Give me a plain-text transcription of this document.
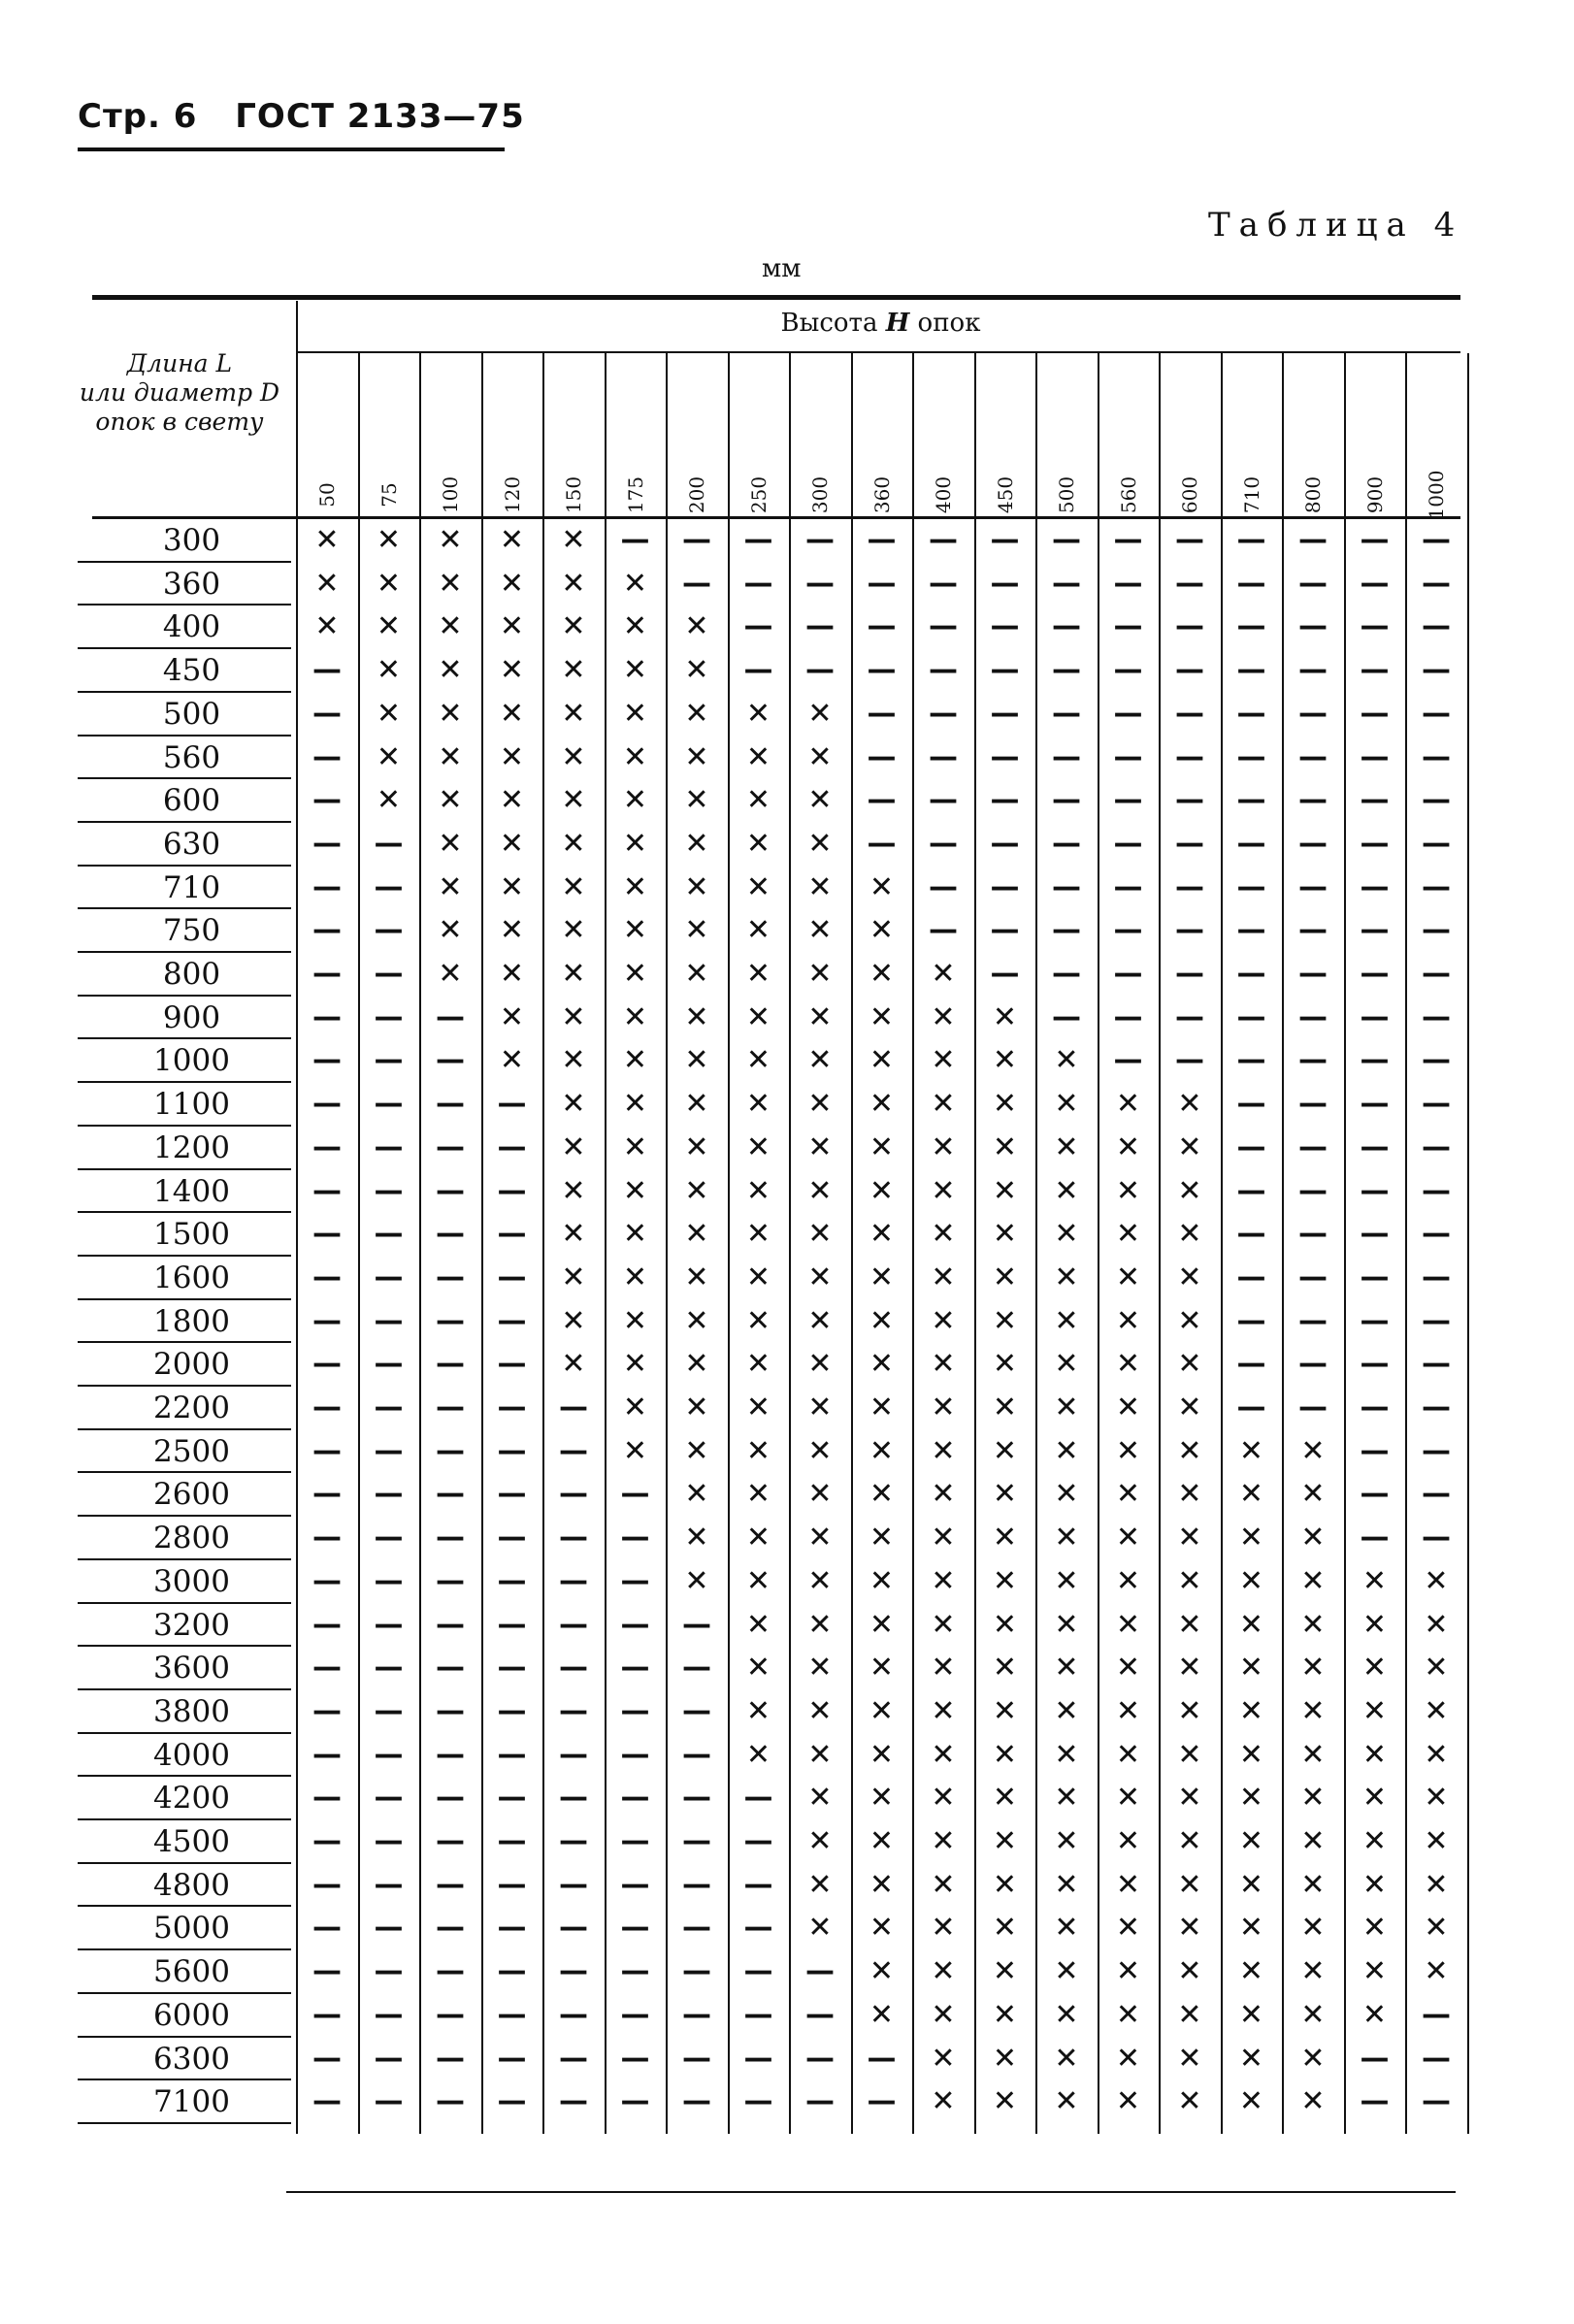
Стр. 6 ГОСТ 2133—75
Таблица 4
мм
Высота H опок
Длина L
или диаметр D
опок в свету
50 75 100 120 150 175 200 250 300 360 400 450 500 560 600 710 800 900 1000
300	✕	✕	✕	✕	✕	—	—	—	—	—	—	—	—	—	—	—	—	—	—
360	✕	✕	✕	✕	✕	✕	—	—	—	—	—	—	—	—	—	—	—	—	—
400	✕	✕	✕	✕	✕	✕	✕	—	—	—	—	—	—	—	—	—	—	—	—
450	—	✕	✕	✕	✕	✕	✕	—	—	—	—	—	—	—	—	—	—	—	—
500	—	✕	✕	✕	✕	✕	✕	✕	✕	—	—	—	—	—	—	—	—	—	—
560	—	✕	✕	✕	✕	✕	✕	✕	✕	—	—	—	—	—	—	—	—	—	—
600	—	✕	✕	✕	✕	✕	✕	✕	✕	—	—	—	—	—	—	—	—	—	—
630	—	—	✕	✕	✕	✕	✕	✕	✕	—	—	—	—	—	—	—	—	—	—
710	—	—	✕	✕	✕	✕	✕	✕	✕	✕	—	—	—	—	—	—	—	—	—
750	—	—	✕	✕	✕	✕	✕	✕	✕	✕	—	—	—	—	—	—	—	—	—
800	—	—	✕	✕	✕	✕	✕	✕	✕	✕	✕	—	—	—	—	—	—	—	—
900	—	—	—	✕	✕	✕	✕	✕	✕	✕	✕	✕	—	—	—	—	—	—	—
1000	—	—	—	✕	✕	✕	✕	✕	✕	✕	✕	✕	✕	—	—	—	—	—	—
1100	—	—	—	—	✕	✕	✕	✕	✕	✕	✕	✕	✕	✕	✕	—	—	—	—
1200	—	—	—	—	✕	✕	✕	✕	✕	✕	✕	✕	✕	✕	✕	—	—	—	—
1400	—	—	—	—	✕	✕	✕	✕	✕	✕	✕	✕	✕	✕	✕	—	—	—	—
1500	—	—	—	—	✕	✕	✕	✕	✕	✕	✕	✕	✕	✕	✕	—	—	—	—
1600	—	—	—	—	✕	✕	✕	✕	✕	✕	✕	✕	✕	✕	✕	—	—	—	—
1800	—	—	—	—	✕	✕	✕	✕	✕	✕	✕	✕	✕	✕	✕	—	—	—	—
2000	—	—	—	—	✕	✕	✕	✕	✕	✕	✕	✕	✕	✕	✕	—	—	—	—
2200	—	—	—	—	—	✕	✕	✕	✕	✕	✕	✕	✕	✕	✕	—	—	—	—
2500	—	—	—	—	—	✕	✕	✕	✕	✕	✕	✕	✕	✕	✕	✕	✕	—	—
2600	—	—	—	—	—	—	✕	✕	✕	✕	✕	✕	✕	✕	✕	✕	✕	—	—
2800	—	—	—	—	—	—	✕	✕	✕	✕	✕	✕	✕	✕	✕	✕	✕	—	—
3000	—	—	—	—	—	—	✕	✕	✕	✕	✕	✕	✕	✕	✕	✕	✕	✕	✕
3200	—	—	—	—	—	—	—	✕	✕	✕	✕	✕	✕	✕	✕	✕	✕	✕	✕
3600	—	—	—	—	—	—	—	✕	✕	✕	✕	✕	✕	✕	✕	✕	✕	✕	✕
3800	—	—	—	—	—	—	—	✕	✕	✕	✕	✕	✕	✕	✕	✕	✕	✕	✕
4000	—	—	—	—	—	—	—	✕	✕	✕	✕	✕	✕	✕	✕	✕	✕	✕	✕
4200	—	—	—	—	—	—	—	—	✕	✕	✕	✕	✕	✕	✕	✕	✕	✕	✕
4500	—	—	—	—	—	—	—	—	✕	✕	✕	✕	✕	✕	✕	✕	✕	✕	✕
4800	—	—	—	—	—	—	—	—	✕	✕	✕	✕	✕	✕	✕	✕	✕	✕	✕
5000	—	—	—	—	—	—	—	—	✕	✕	✕	✕	✕	✕	✕	✕	✕	✕	✕
5600	—	—	—	—	—	—	—	—	—	✕	✕	✕	✕	✕	✕	✕	✕	✕	✕
6000	—	—	—	—	—	—	—	—	—	✕	✕	✕	✕	✕	✕	✕	✕	✕	—
6300	—	—	—	—	—	—	—	—	—	—	✕	✕	✕	✕	✕	✕	✕	—	—
7100	—	—	—	—	—	—	—	—	—	—	✕	✕	✕	✕	✕	✕	✕	—	—
